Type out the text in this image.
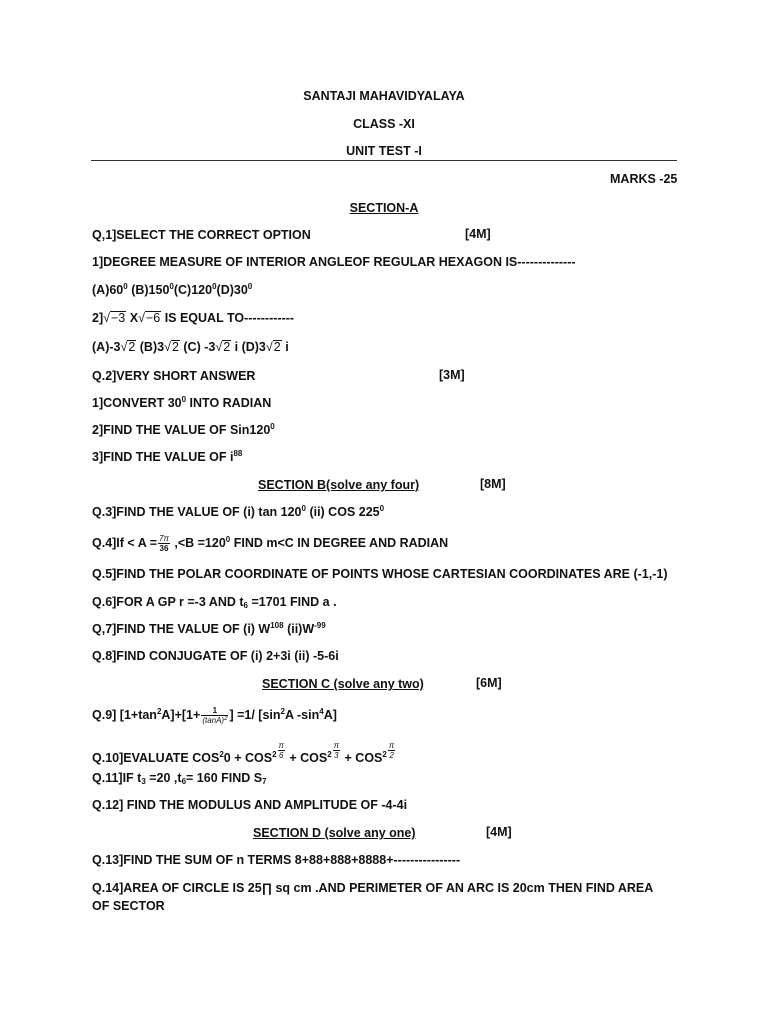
SANTAJI MAHAVIDYALAYA
CLASS -XI
UNIT TEST -I
MARKS -25
SECTION-A
Q,1]SELECT THE CORRECT OPTION	[4M]
1]DEGREE MEASURE OF INTERIOR ANGLEOF REGULAR HEXAGON IS--------------
$(A)60^0$ $(B)150^0(C)120^0(D)30^0$
2]√−3 X√−6 IS EQUAL TO------------
(A)-3√2 (B)3√2 (C) -3√2 i (D)3√2 i
Q.2]VERY SHORT ANSWER	[3M]
1]CONVERT $30^0$ INTO RADIAN
2]FIND THE VALUE OF $Sin120^0$
3]FIND THE VALUE OF $i^{88}$
SECTION B(solve any four)	[8M]
Q.3]FIND THE VALUE OF (i) $\tan 120^0$ (ii) COS $225^0$
$Q.4]If < A = \frac{7\pi}{36} ,<B =120^0$ FIND m<C IN DEGREE AND RADIAN
Q.5]FIND THE POLAR COORDINATE OF POINTS WHOSE CARTESIAN COORDINATES ARE (-1,-1)
Q.6]FOR A GP r =-3 AND $t_6 =1701$ FIND a .
Q,7]FIND THE VALUE OF (i) $W^{108}$ $(ii)W^{-99}$
Q.8]FIND CONJUGATE OF (i) 2+3i (ii) -5-6i
SECTION C (solve any two)	[6M]
Q.9] $[1+\tan^2A]+[1+ \frac{1}{(\tan A)^2}$ ] =1/ [$\sin^2A$ $-\sin^4A$]
Q.10]EVALUATE $COS^20 + COS^2 \frac{\pi}{6} + COS^2 \frac{\pi}{3} + COS^2 \frac{\pi}{2}$
Q.11]IF $t_3 =20$ $,t_6= 160$ FIND $S_7$
Q.12] FIND THE MODULUS AND AMPLITUDE OF -4-4i
SECTION D (solve any one)	[4M]
Q.13]FIND THE SUM OF n TERMS 8+88+888+8888+----------------
Q.14]AREA OF CIRCLE IS 25∏ sq cm .AND PERIMETER OF AN ARC IS 20cm THEN FIND AREA OF SECTOR
